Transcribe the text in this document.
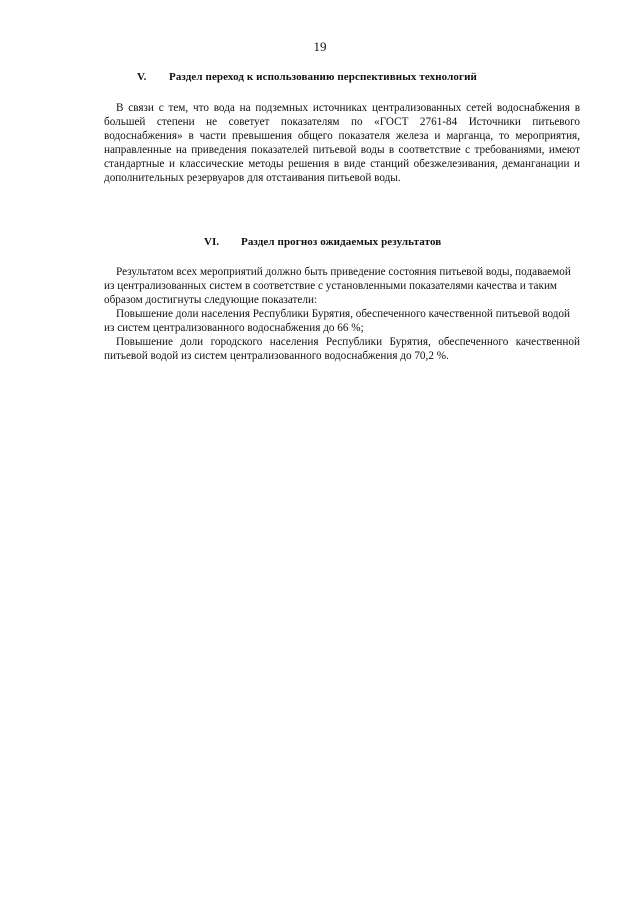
19
V. Раздел переход к использованию перспективных технологий

В связи с тем, что вода на подземных источниках централизованных сетей водоснабжения в большей степени не советует показателям по «ГОСТ 2761-84 Источники питьевого водоснабжения» в части превышения общего показателя железа и марганца, то мероприятия, направленные на приведения показателей питьевой воды в соответствие с требованиями, имеют стандартные и классические методы решения в виде станций обезжелезивания, деманганации и дополнительных резервуаров для отстаивания питьевой воды.

VI. Раздел прогноз ожидаемых результатов

Результатом всех мероприятий должно быть приведение состояния питьевой воды, подаваемой из централизованных систем в соответствие с установленными показателями качества и таким образом достигнуты следующие показатели:

Повышение доли населения Республики Бурятия, обеспеченного качественной питьевой водой из систем централизованного водоснабжения до 66 %;

Повышение доли городского населения Республики Бурятия, обеспеченного качественной питьевой водой из систем централизованного водоснабжения до 70,2 %.
